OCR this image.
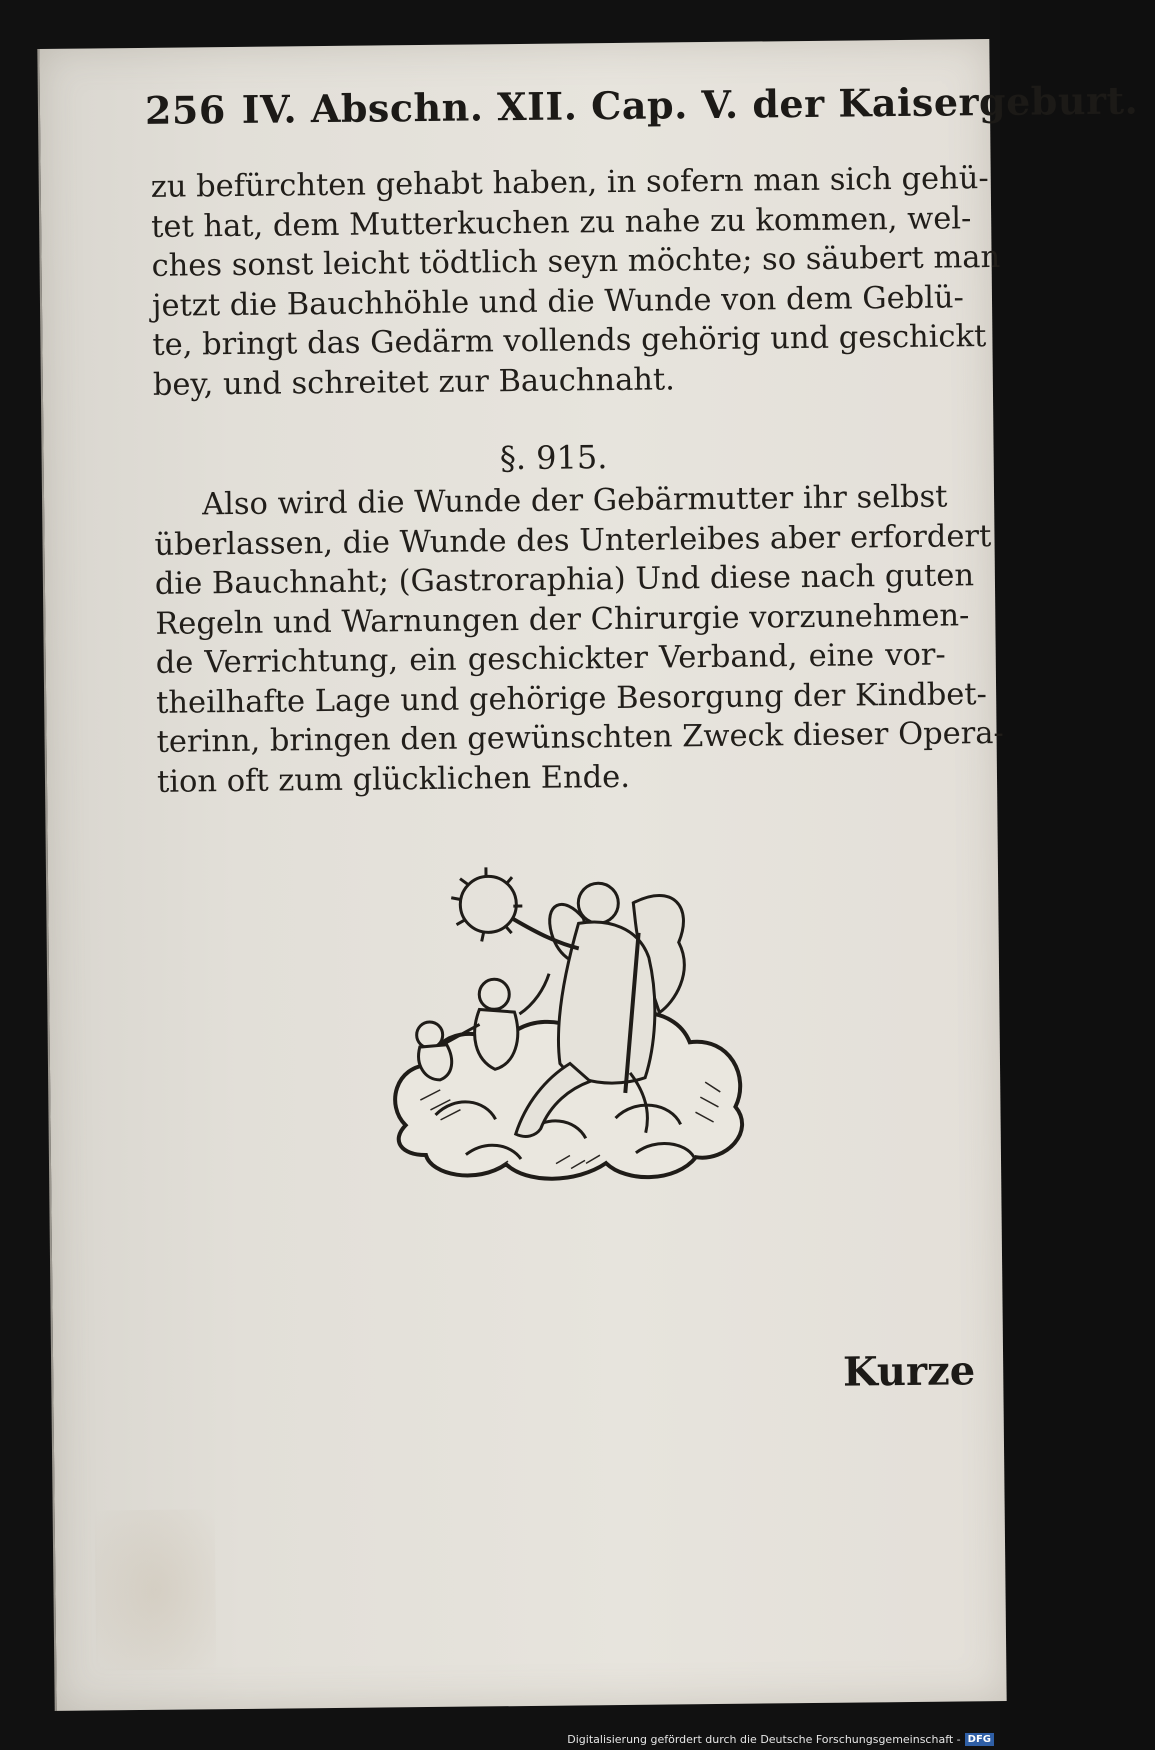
256 IV. Abschn. XII. Cap. V. der Kaisergeburt.
zu befürchten gehabt haben, in sofern man sich gehü-
tet hat, dem Mutterkuchen zu nahe zu kommen, wel-
ches sonst leicht tödtlich seyn möchte; so säubert man
jetzt die Bauchhöhle und die Wunde von dem Geblü-
te, bringt das Gedärm vollends gehörig und geschickt
bey, und schreitet zur Bauchnaht.
§. 915.
Also wird die Wunde der Gebärmutter ihr selbst
überlassen, die Wunde des Unterleibes aber erfordert
die Bauchnaht; (Gastroraphia) Und diese nach guten
Regeln und Warnungen der Chirurgie vorzunehmen-
de Verrichtung, ein geschickter Verband, eine vor-
theilhafte Lage und gehörige Besorgung der Kindbet-
terinn, bringen den gewünschten Zweck dieser Opera-
tion oft zum glücklichen Ende.
Kurze
Digitalisierung gefördert durch die Deutsche Forschungsgemeinschaft - DFG
